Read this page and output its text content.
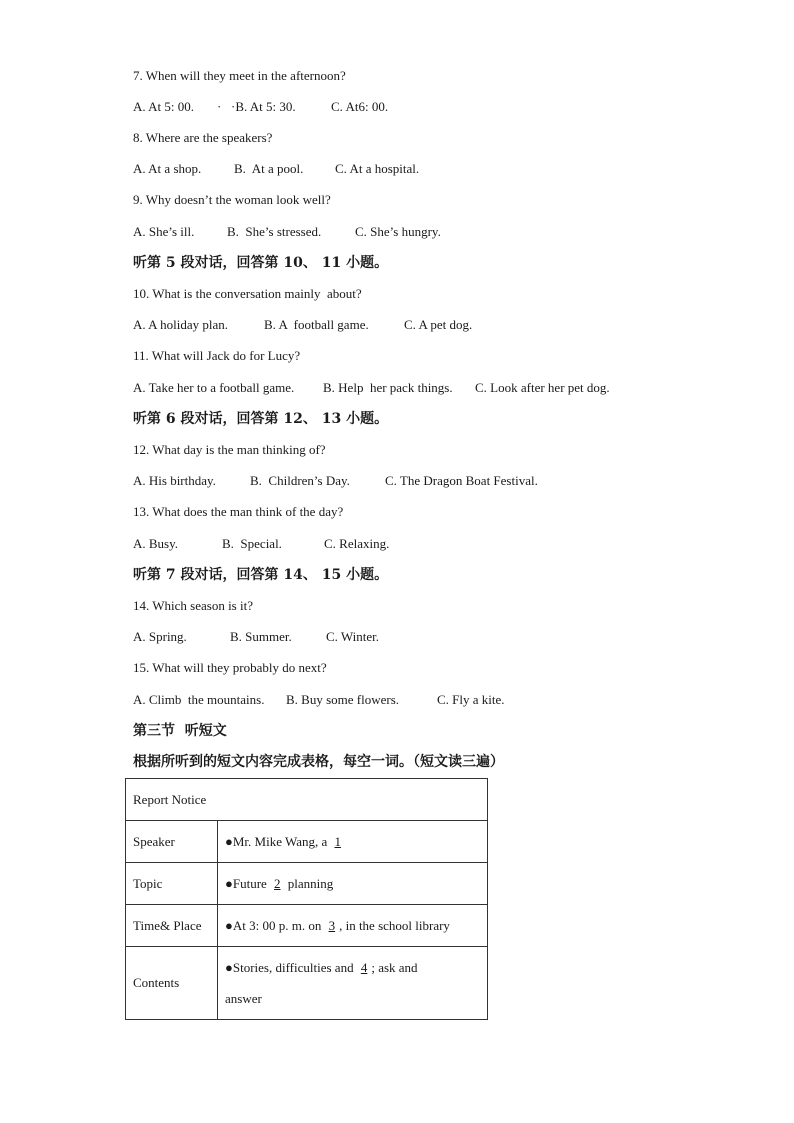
7. When will they meet in the afternoon?

A. At 5: 00.

·

·B. At 5: 30.

	C. At6: 00.

8. Where are the speakers?

A. At a shop.

	B.  At a pool.

C. At a hospital.

9. Why doesn’t the woman look well?

A. She’s ill.

	B.  She’s stressed.

	C. She’s hungry.

听第 5 段对话，回答第 10、 11 小题。
10. What is the conversation mainly  about?

A. A holiday plan.

	B. A  football game.

	C. A pet dog.

11. What will Jack do for Lucy?

A. Take her to a football game.

B. Help  her pack things.

C. Look after her pet dog.

听第 6 段对话，回答第 12、 13 小题。
12. What day is the man thinking of?

A. His birthday.

	B.  Children’s Day.

	C. The Dragon Boat Festival.

13. What does the man think of the day?

A. Busy.

	B.  Special.

	C. Relaxing.

听第 7 段对话，回答第 14、 15 小题。
14. Which season is it?

A. Spring.

	B. Summer.

	C. Winter.

15. What will they probably do next?

A. Climb  the mountains.

B. Buy some flowers.

	C. Fly a kite.

第三节  听短文
根据所听到的短文内容完成表格，每空一词。（短文读三遍）
Report Notice	
Speaker	●Mr. Mike Wang, a 1
Topic	●Future 2 planning
Time& Place	●At 3: 00 p. m. on 3 , in the school library
Contents	●Stories, difficulties and 4 ; ask and
answer
